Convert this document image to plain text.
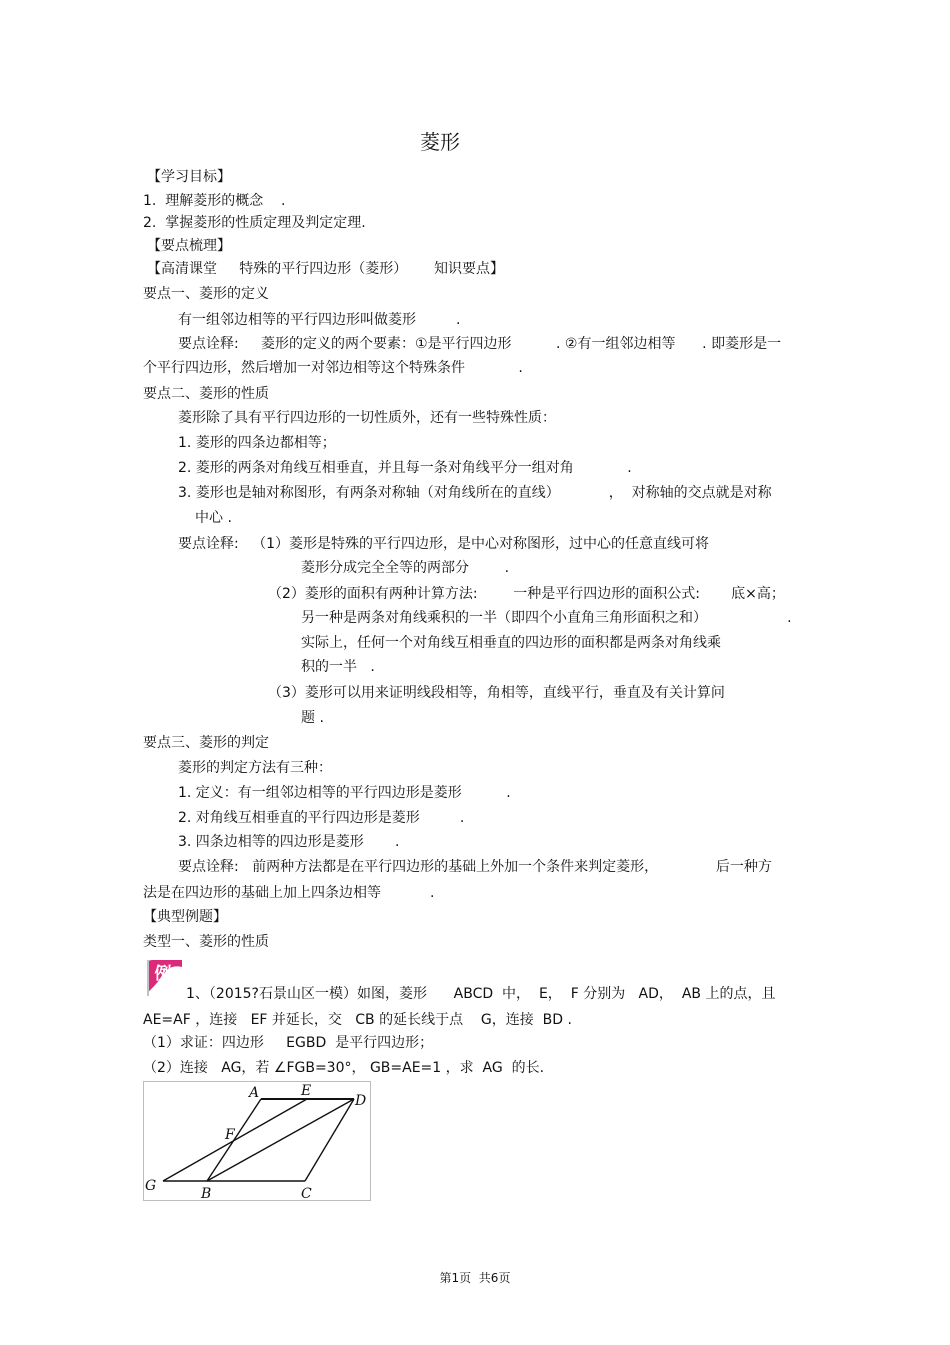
菱形
【学习目标】
1.  理解菱形的概念    .
2.  掌握菱形的性质定理及判定定理.
【要点梳理】
【高清课堂     特殊的平行四边形（菱形）      知识要点】
要点一、菱形的定义
有一组邻边相等的平行四边形叫做菱形         .
要点诠释:     菱形的定义的两个要素：①是平行四边形          . ②有一组邻边相等      . 即菱形是一
个平行四边形，然后增加一对邻边相等这个特殊条件            .
要点二、菱形的性质
菱形除了具有平行四边形的一切性质外，还有一些特殊性质：
1. 菱形的四条边都相等；
2. 菱形的两条对角线互相垂直，并且每一条对角线平分一组对角            .
3. 菱形也是轴对称图形，有两条对称轴（对角线所在的直线）           ，  对称轴的交点就是对称
中心 .
要点诠释:   （1）菱形是特殊的平行四边形，是中心对称图形，过中心的任意直线可将
菱形分成完全全等的两部分        .
（2）菱形的面积有两种计算方法:        一种是平行四边形的面积公式:       底×高；
另一种是两条对角线乘积的一半（即四个小直角三角形面积之和）                  .
实际上，任何一个对角线互相垂直的四边形的面积都是两条对角线乘
积的一半   .
（3）菱形可以用来证明线段相等，角相等，直线平行，垂直及有关计算问
题 .
要点三、菱形的判定
菱形的判定方法有三种：
1. 定义：有一组邻边相等的平行四边形是菱形          .
2. 对角线互相垂直的平行四边形是菱形         .
3. 四条边相等的四边形是菱形       .
要点诠释:   前两种方法都是在平行四边形的基础上外加一个条件来判定菱形，             后一种方
法是在四边形的基础上加上四条边相等           .
【典型例题】
类型一、菱形的性质
例
1、（2015?石景山区一模）如图，菱形      ABCD  中，  E，  F 分别为   AD，  AB 上的点，且
AE=AF ，连接   EF 并延长，交   CB 的延长线于点    G，连接  BD .
（1）求证：四边形     EGBD  是平行四边形；
（2）连接   AG，若 ∠FGB=30°， GB=AE=1 ，求  AG  的长.
A	E
D
F
G	B	C
第1页  共6页
